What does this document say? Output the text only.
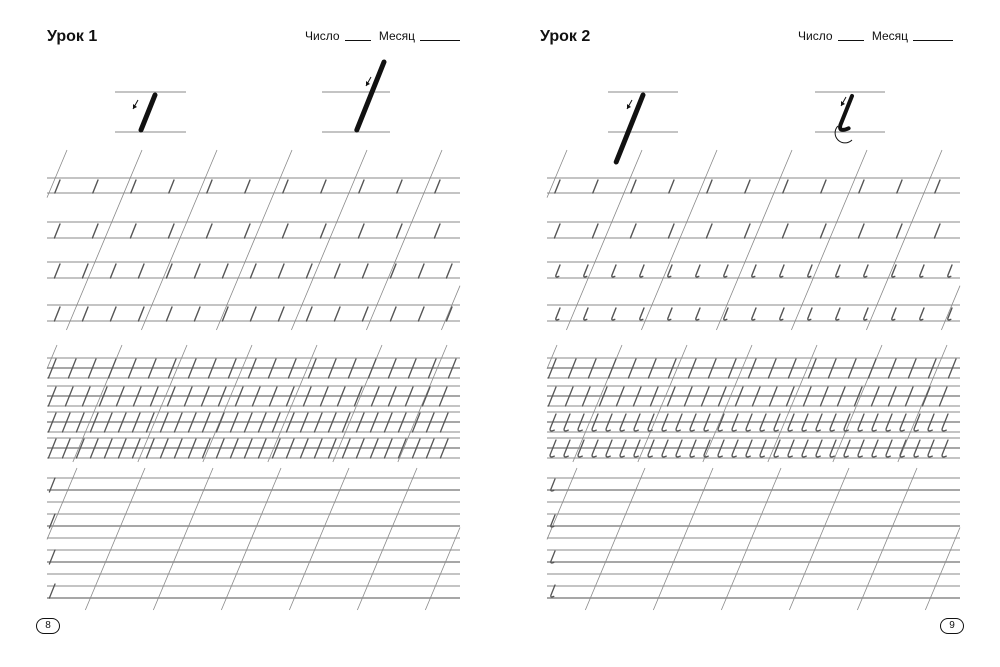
Урок 1	Число	Месяц
8
Урок 2	Число	Месяц
9
